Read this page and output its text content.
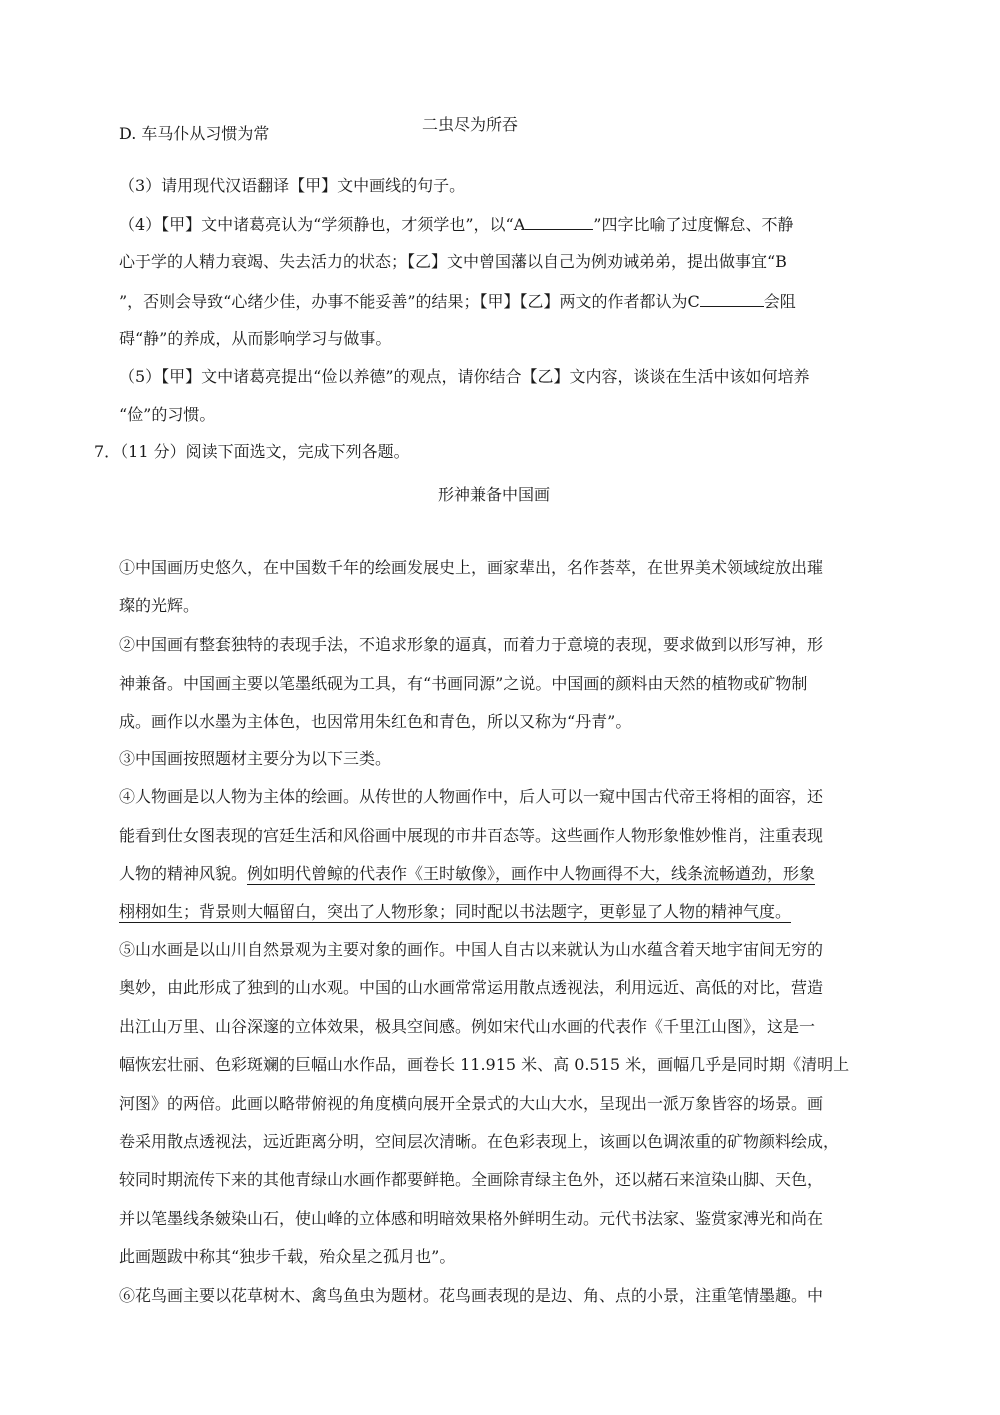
D. 车马仆从习惯为常	二虫尽为所吞
（3）请用现代汉语翻译【甲】文中画线的句子。
（4）【甲】文中诸葛亮认为“学须静也，才须学也”，以“A	”四字比喻了过度懈怠、不静
心于学的人精力衰竭、失去活力的状态；【乙】文中曾国藩以自己为例劝诫弟弟，提出做事宜“B
”，否则会导致“心绪少佳，办事不能妥善”的结果；【甲】【乙】两文的作者都认为C	会阻
碍“静”的养成，从而影响学习与做事。
（5）【甲】文中诸葛亮提出“俭以养德”的观点，请你结合【乙】文内容，谈谈在生活中该如何培养
“俭”的习惯。
7．（11 分）阅读下面选文，完成下列各题。
形神兼备中国画
①中国画历史悠久，在中国数千年的绘画发展史上，画家辈出，名作荟萃，在世界美术领域绽放出璀
璨的光辉。
②中国画有整套独特的表现手法，不追求形象的逼真，而着力于意境的表现，要求做到以形写神，形
神兼备。中国画主要以笔墨纸砚为工具，有“书画同源”之说。中国画的颜料由天然的植物或矿物制
成。画作以水墨为主体色，也因常用朱红色和青色，所以又称为“丹青”。
③中国画按照题材主要分为以下三类。
④人物画是以人物为主体的绘画。从传世的人物画作中，后人可以一窥中国古代帝王将相的面容，还
能看到仕女图表现的宫廷生活和风俗画中展现的市井百态等。这些画作人物形象惟妙惟肖，注重表现
人物的精神风貌。例如明代曾鲸的代表作《王时敏像》，画作中人物画得不大，线条流畅遒劲，形象
栩栩如生；背景则大幅留白，突出了人物形象；同时配以书法题字，更彰显了人物的精神气度。
⑤山水画是以山川自然景观为主要对象的画作。中国人自古以来就认为山水蕴含着天地宇宙间无穷的
奥妙，由此形成了独到的山水观。中国的山水画常常运用散点透视法，利用远近、高低的对比，营造
出江山万里、山谷深邃的立体效果，极具空间感。例如宋代山水画的代表作《千里江山图》，这是一
幅恢宏壮丽、色彩斑斓的巨幅山水作品，画卷长 11.915 米、高 0.515 米，画幅几乎是同时期《清明上
河图》的两倍。此画以略带俯视的角度横向展开全景式的大山大水，呈现出一派万象皆容的场景。画
卷采用散点透视法，远近距离分明，空间层次清晰。在色彩表现上，该画以色调浓重的矿物颜料绘成，
较同时期流传下来的其他青绿山水画作都要鲜艳。全画除青绿主色外，还以赭石来渲染山脚、天色，
并以笔墨线条皴染山石，使山峰的立体感和明暗效果格外鲜明生动。元代书法家、鉴赏家溥光和尚在
此画题跋中称其“独步千载，殆众星之孤月也”。
⑥花鸟画主要以花草树木、禽鸟鱼虫为题材。花鸟画表现的是边、角、点的小景，注重笔情墨趣。中
